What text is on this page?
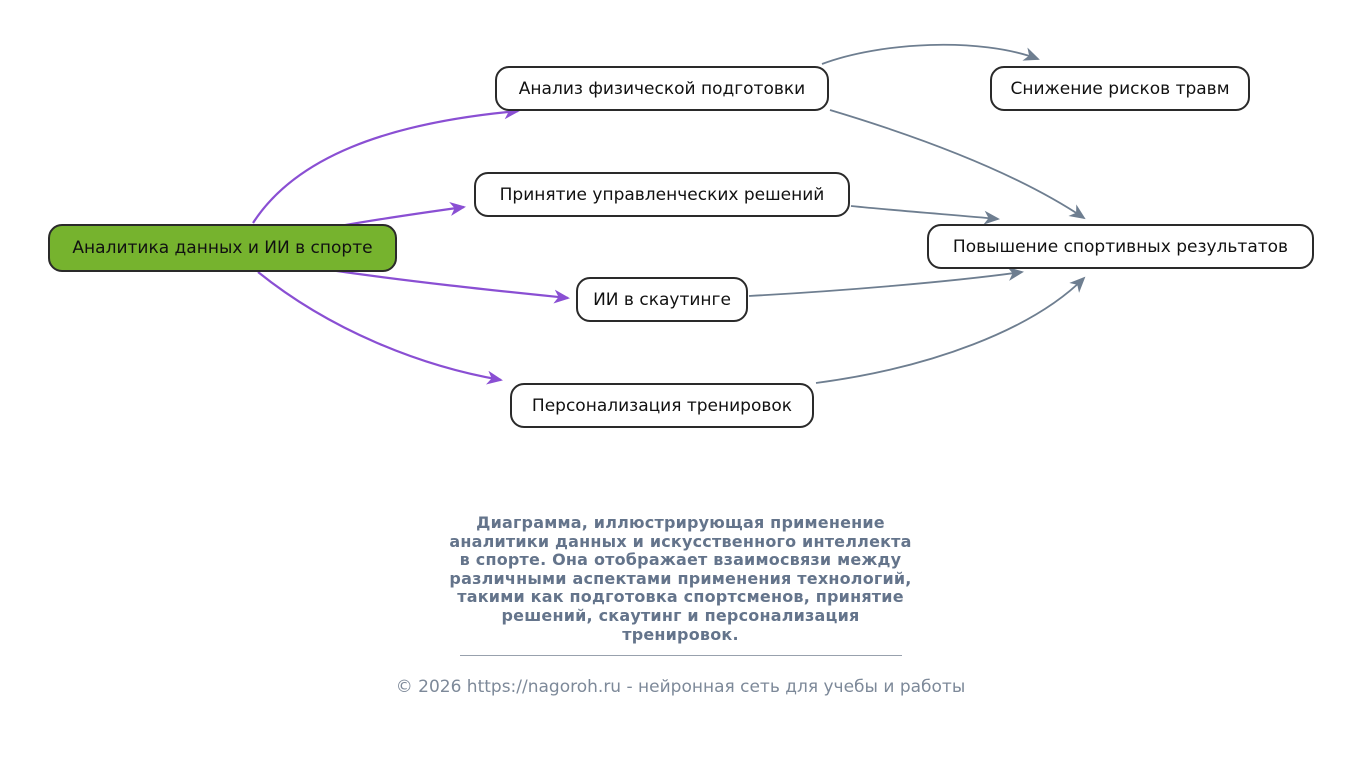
Аналитика данных и ИИ в спорте
Анализ физической подготовки	Снижение рисков травм
Принятие управленческих решений
Повышение спортивных результатов
ИИ в скаутинге
Персонализация тренировок
Диаграмма, иллюстрирующая применение
аналитики данных и искусственного интеллекта
в спорте. Она отображает взаимосвязи между
различными аспектами применения технологий,
такими как подготовка спортсменов, принятие
решений, скаутинг и персонализация
тренировок.
© 2026 https://nagoroh.ru - нейронная сеть для учебы и работы
